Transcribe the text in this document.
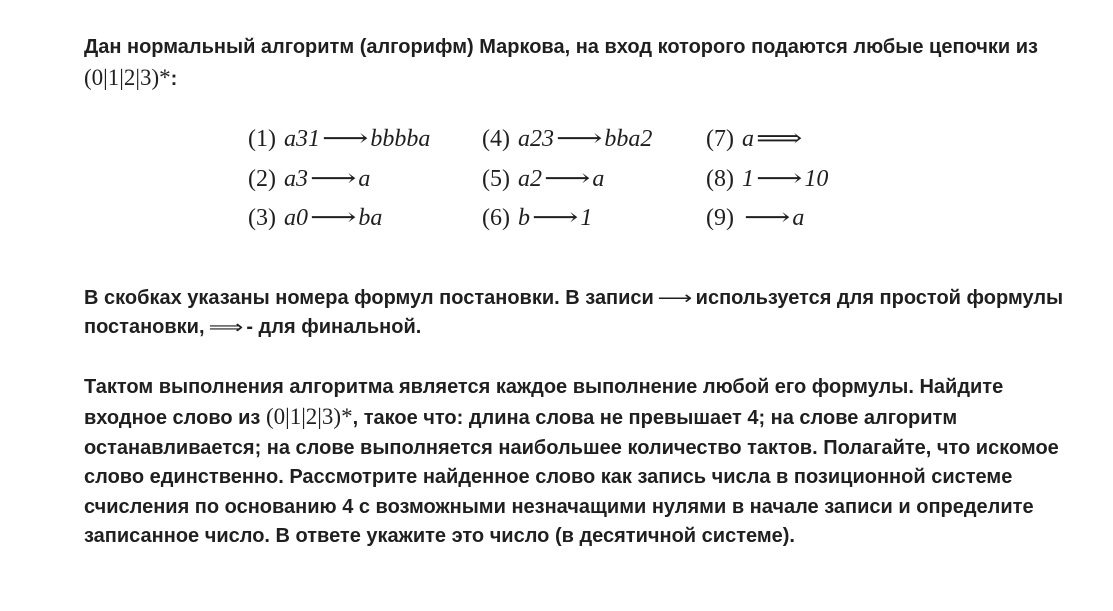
Дан нормальный алгоритм (алгорифм) Маркова, на вход которого подаются любые цепочки из (0|1|2|3)*:

(1) a31⟶bbbba	(4) a23⟶bba2	(7) a⟹
(2) a3⟶a	(5) a2⟶a	(8) 1⟶10
(3) a0⟶ba	(6) b⟶1	(9) ⟶a

В скобках указаны номера формул постановки. В записи ⟶ используется для простой формулы постановки, ⟹ - для финальной.

Тактом выполнения алгоритма является каждое выполнение любой его формулы. Найдите входное слово из (0|1|2|3)*, такое что: длина слова не превышает 4; на слове алгоритм останавливается; на слове выполняется наибольшее количество тактов. Полагайте, что искомое слово единственно. Рассмотрите найденное слово как запись числа в позиционной системе счисления по основанию 4 с возможными незначащими нулями в начале записи и определите записанное число. В ответе укажите это число (в десятичной системе).
